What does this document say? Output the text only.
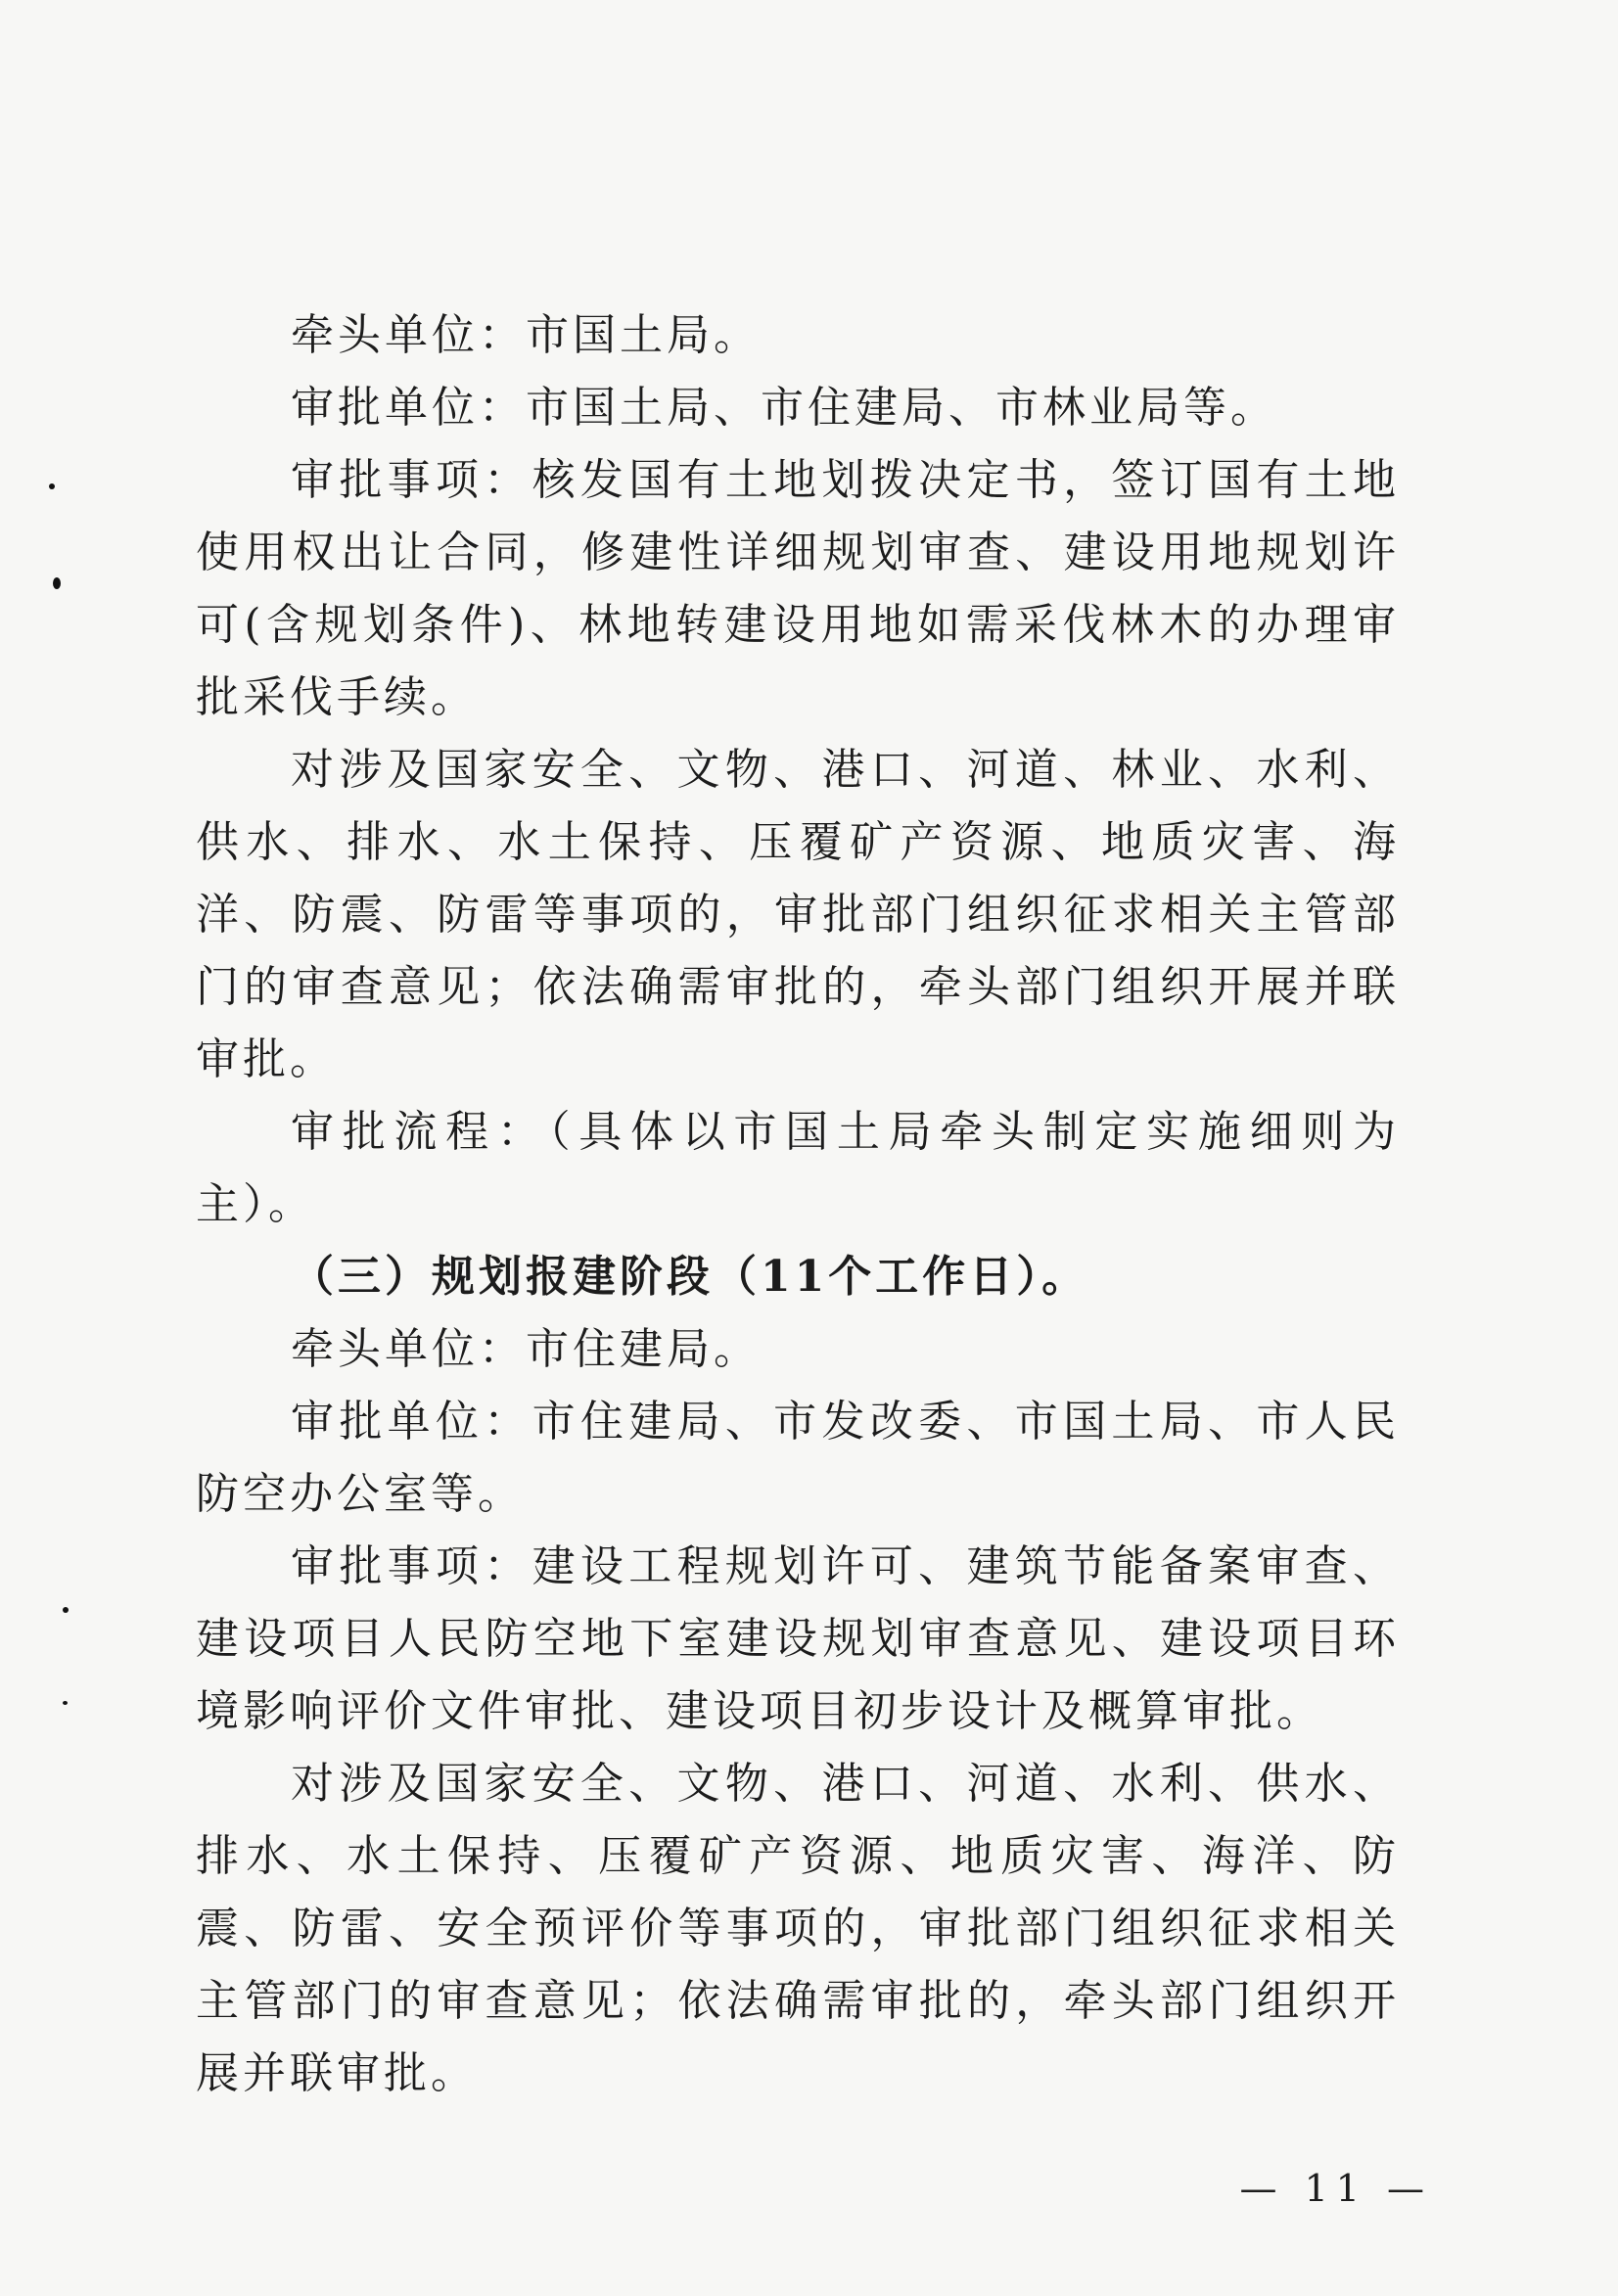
牵头单位：市国土局。

审批单位：市国土局、市住建局、市林业局等。

审批事项：核发国有土地划拨决定书，签订国有土地使用权出让合同，修建性详细规划审查、建设用地规划许可(含规划条件)、林地转建设用地如需采伐林木的办理审批采伐手续。

对涉及国家安全、文物、港口、河道、林业、水利、供水、排水、水土保持、压覆矿产资源、地质灾害、海洋、防震、防雷等事项的，审批部门组织征求相关主管部门的审查意见；依法确需审批的，牵头部门组织开展并联审批。

审批流程：（具体以市国土局牵头制定实施细则为主）。

（三）规划报建阶段（11个工作日）。

牵头单位：市住建局。

审批单位：市住建局、市发改委、市国土局、市人民防空办公室等。

审批事项：建设工程规划许可、建筑节能备案审查、建设项目人民防空地下室建设规划审查意见、建设项目环境影响评价文件审批、建设项目初步设计及概算审批。

对涉及国家安全、文物、港口、河道、水利、供水、排水、水土保持、压覆矿产资源、地质灾害、海洋、防震、防雷、安全预评价等事项的，审批部门组织征求相关主管部门的审查意见；依法确需审批的，牵头部门组织开展并联审批。

— 11 —
